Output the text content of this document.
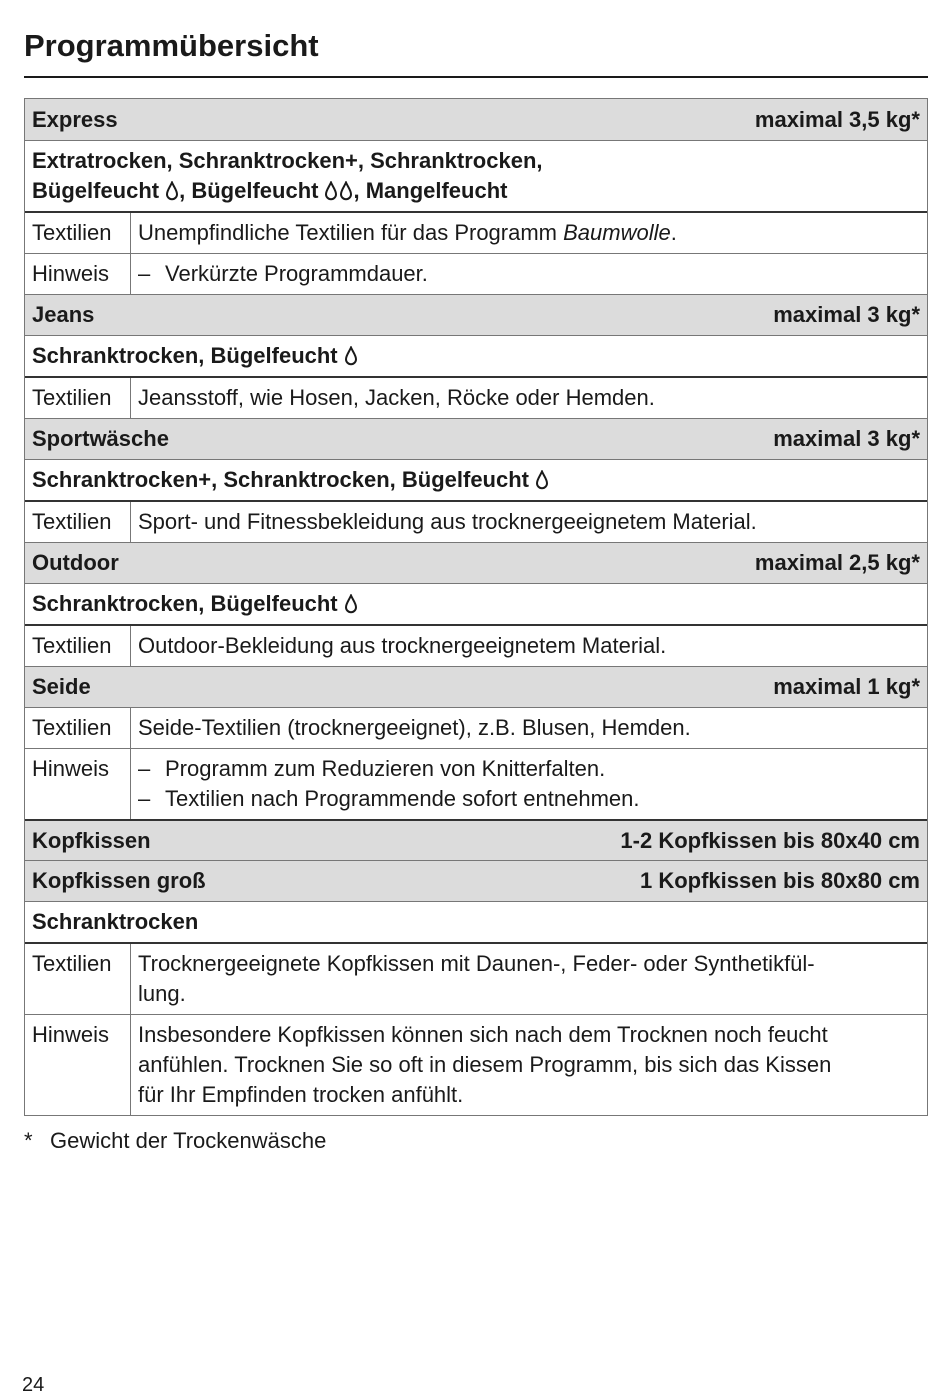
Programmübersicht
Express	maximal 3,5 kg*
Extratrocken, Schranktrocken+, Schranktrocken,
Bügelfeucht , Bügelfeucht , Mangelfeucht
Textilien	Unempfindliche Textilien für das Programm Baumwolle.
Hinweis	– Verkürzte Programmdauer.
Jeans	maximal 3 kg*
Schranktrocken, Bügelfeucht
Textilien	Jeansstoff, wie Hosen, Jacken, Röcke oder Hemden.
Sportwäsche	maximal 3 kg*
Schranktrocken+, Schranktrocken, Bügelfeucht
Textilien	Sport- und Fitnessbekleidung aus trocknergeeignetem Material.
Outdoor	maximal 2,5 kg*
Schranktrocken, Bügelfeucht
Textilien	Outdoor-Bekleidung aus trocknergeeignetem Material.
Seide	maximal 1 kg*
Textilien	Seide-Textilien (trocknergeeignet), z.B. Blusen, Hemden.
Hinweis	– Programm zum Reduzieren von Knitterfalten.
– Textilien nach Programmende sofort entnehmen.
Kopfkissen	1-2 Kopfkissen bis 80x40 cm
Kopfkissen groß	1 Kopfkissen bis 80x80 cm
Schranktrocken
Textilien	Trocknergeeignete Kopfkissen mit Daunen-, Feder- oder Synthetikfül-
lung.
Hinweis	Insbesondere Kopfkissen können sich nach dem Trocknen noch feucht
anfühlen. Trocknen Sie so oft in diesem Programm, bis sich das Kissen
für Ihr Empfinden trocken anfühlt.
* Gewicht der Trockenwäsche
24
